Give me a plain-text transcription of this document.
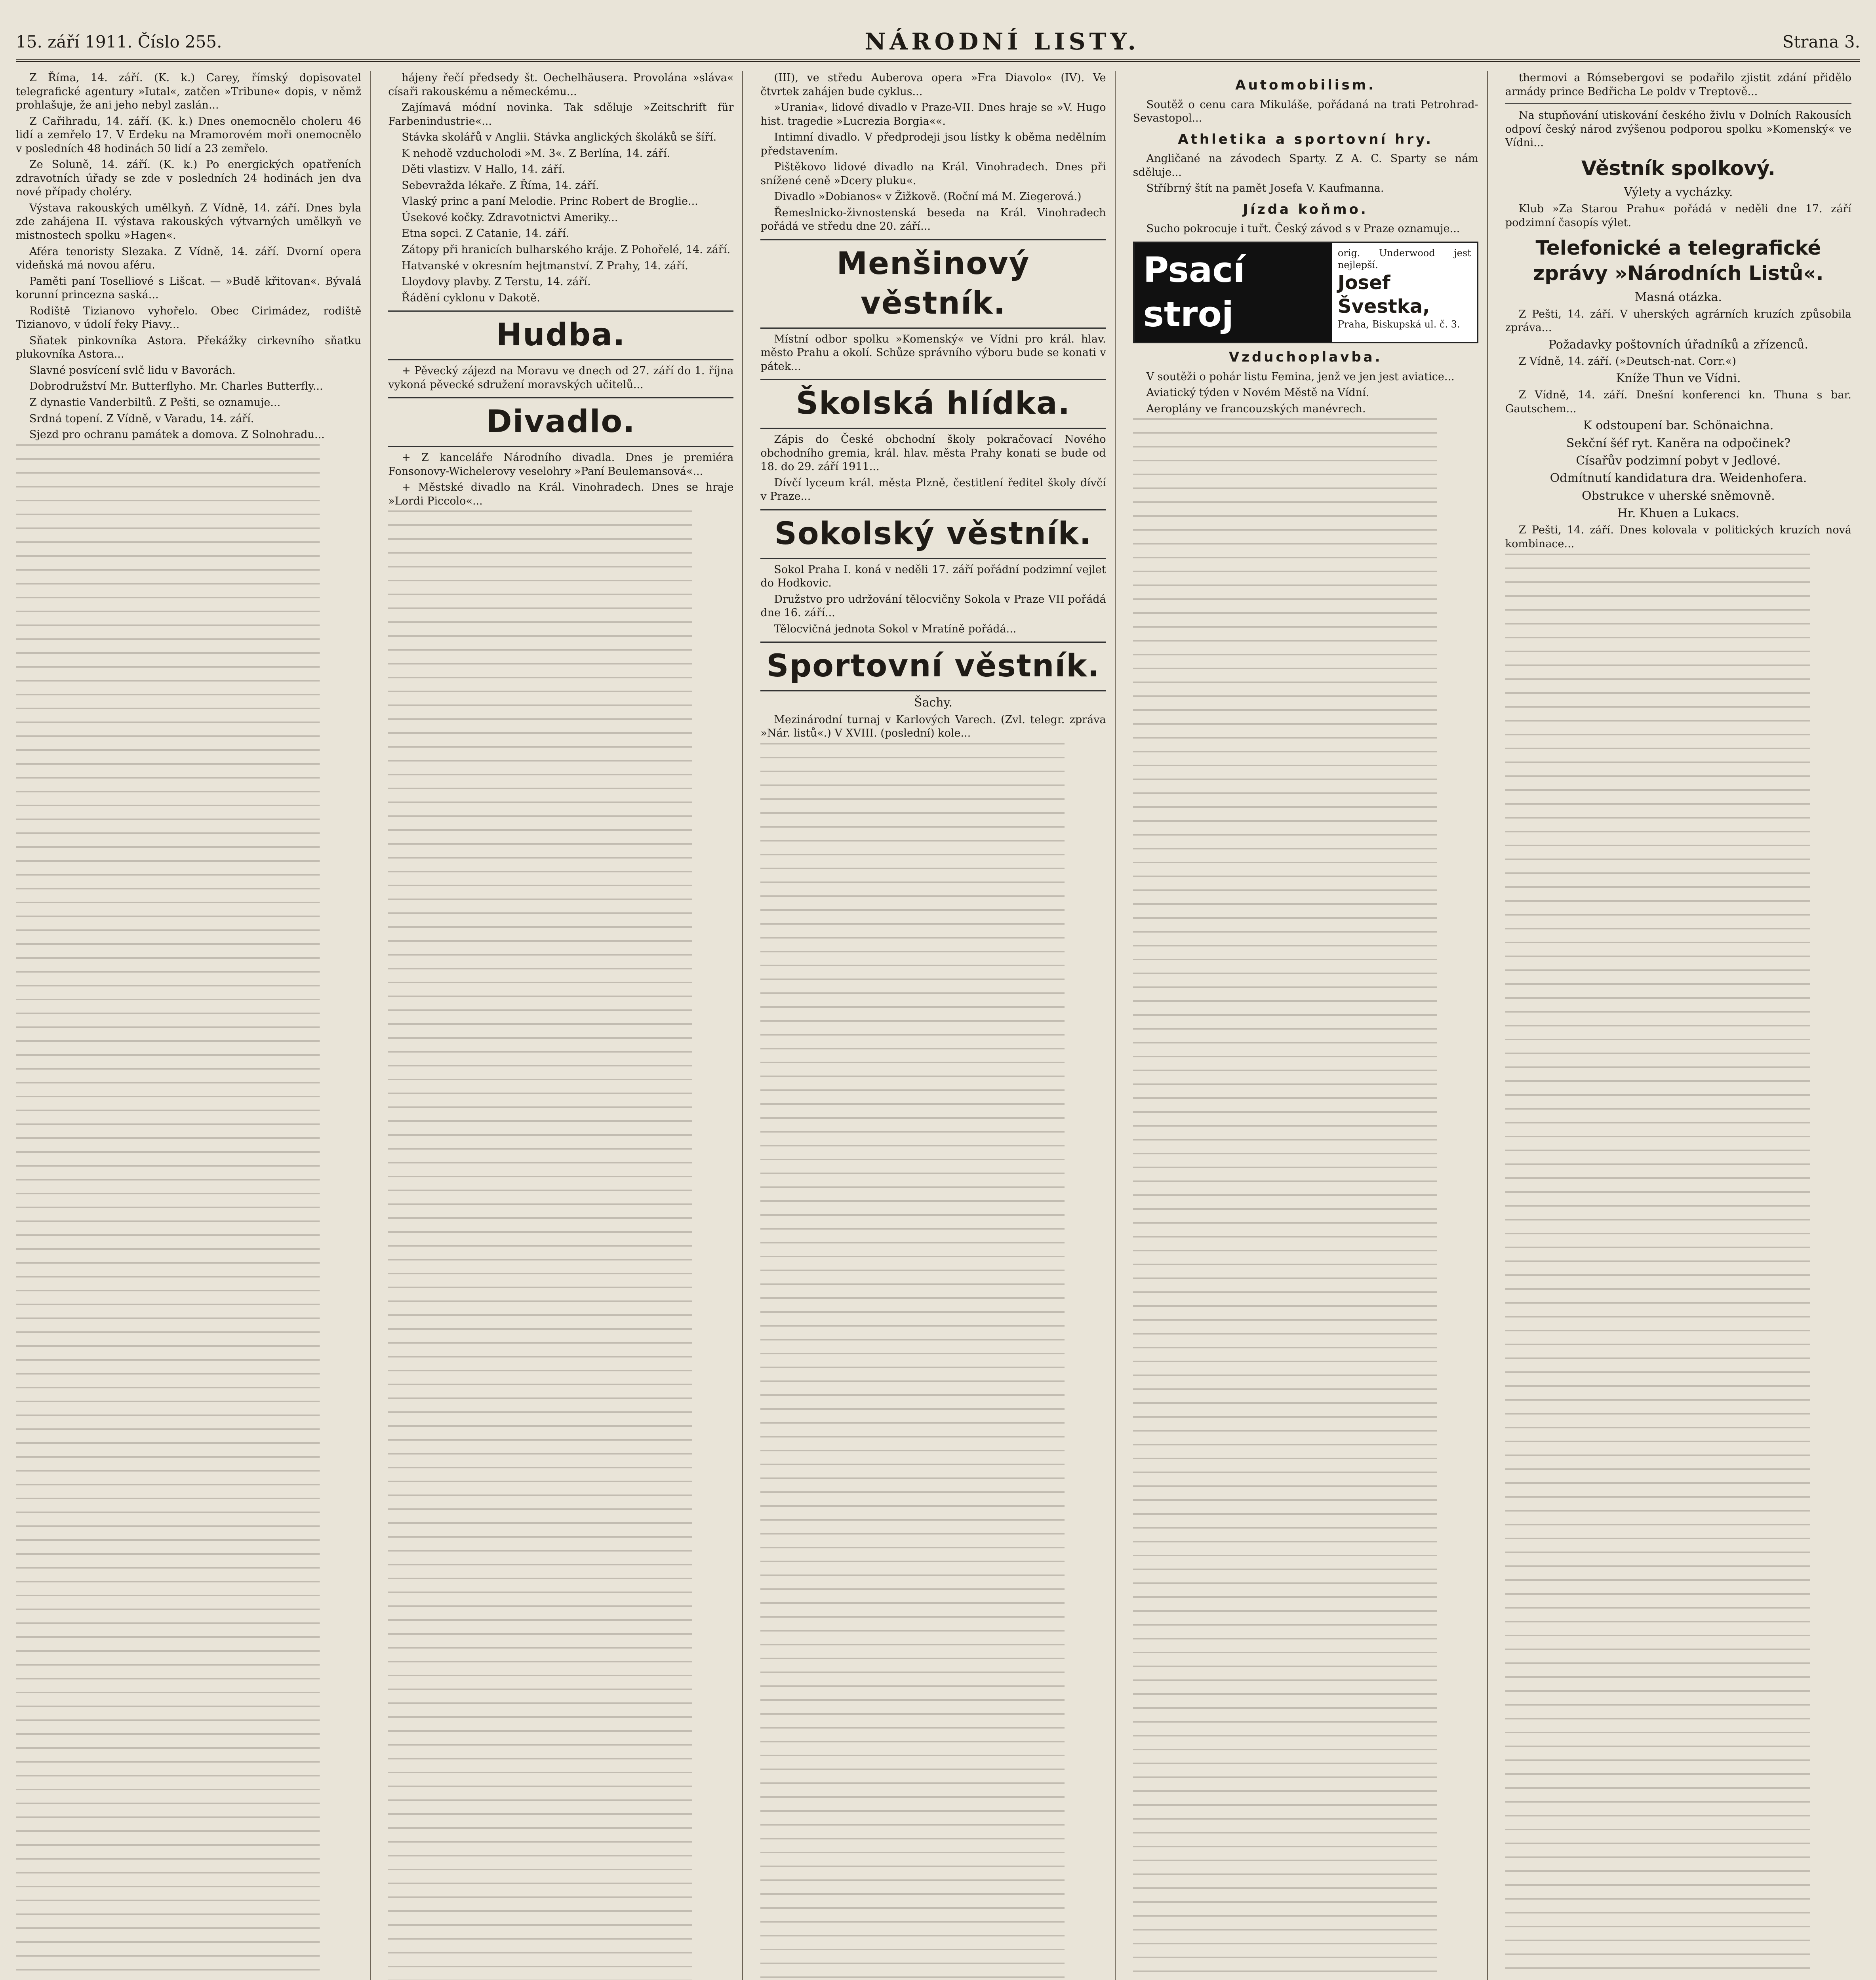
15. září 1911. Číslo 255.	NÁRODNÍ LISTY.	Strana 3.

Z Říma, 14. září. (K. k.) Carey, římský dopisovatel telegrafické agentury »Iutal«, zatčen »Tribune« dopis, v němž prohlašuje, že ani jeho nebyl zaslán...

Z Cařihradu, 14. září. (K. k.) Dnes onemocnělo choleru 46 lidí a zemřelo 17. V Erdeku na Mramorovém moři onemocnělo v posledních 48 hodinách 50 lidí a 23 zemřelo.

Ze Soluně, 14. září. (K. k.) Po energických opatřeních zdravotních úřady se zde v posledních 24 hodinách jen dva nové případy choléry.

Výstava rakouských umělkyň. Z Vídně, 14. září. Dnes byla zde zahájena II. výstava rakouských výtvarných umělkyň ve mistnostech spolku »Hagen«.

Aféra tenoristy Slezaka. Z Vídně, 14. září. Dvorní opera videňská má novou aféru.

Paměti paní Toselliové s Lišcat. — »Budě křitovan«. Bývalá korunní princezna saská...

Rodiště Tizianovo vyhořelo. Obec Cirimádez, rodiště Tizianovo, v údolí řeky Piavy...

Sňatek pinkovníka Astora. Překážky cirkevního sňatku plukovníka Astora...

Slavné posvícení svlč lidu v Bavorách.

Dobrodružství Mr. Butterflyho. Mr. Charles Butterfly...

Z dynastie Vanderbiltů. Z Pešti, se oznamuje...

Srdná topení. Z Vídně, v Varadu, 14. září.

Sjezd pro ochranu památek a domova. Z Solnohradu...

hájeny řečí předsedy št. Oechelhäusera. Provolána »sláva« císaři rakouskému a německému...

Zajímavá módní novinka. Tak sděluje »Zeitschrift für Farbenindustrie«...

Stávka skolářů v Anglii. Stávka anglických školáků se šíří.

K nehodě vzducholodi »M. 3«. Z Berlína, 14. září.

Děti vlastizv. V Hallo, 14. září.

Sebevražda lékaře. Z Říma, 14. září.

Vlaský princ a paní Melodie. Princ Robert de Broglie...

Úsekové kočky. Zdravotnictvi Ameriky...

Etna sopci. Z Catanie, 14. září.

Zátopy při hranicích bulharského kráje. Z Pohořelé, 14. září.

Hatvanské v okresním hejtmanství. Z Prahy, 14. září.

Lloydovy plavby. Z Terstu, 14. září.

Řádění cyklonu v Dakotě.

Hudba.

+ Pěvecký zájezd na Moravu ve dnech od 27. září do 1. října vykoná pěvecké sdružení moravských učitelů...

Divadlo.

+ Z kanceláře Národního divadla. Dnes je premiéra Fonsonovy-Wichelerovy veselohry »Paní Beulemansová«...

+ Městské divadlo na Král. Vinohradech. Dnes se hraje »Lordi Piccolo«...

(III), ve středu Auberova opera »Fra Diavolo« (IV). Ve čtvrtek zahájen bude cyklus...

»Urania«, lidové divadlo v Praze-VII. Dnes hraje se »V. Hugo hist. tragedie »Lucrezia Borgia««.

Intimní divadlo. V předprodeji jsou lístky k oběma nedělním představením.

Pištěkovo lidové divadlo na Král. Vinohradech. Dnes při snížené ceně »Dcery pluku«.

Divadlo »Dobianos« v Žižkově. (Roční má M. Ziegerová.)

Řemeslnicko-živnostenská beseda na Král. Vinohradech pořádá ve středu dne 20. září...

Menšinový věstník.

Místní odbor spolku »Komenský« ve Vídni pro král. hlav. město Prahu a okolí. Schůze správního výboru bude se konati v pátek...

Školská hlídka.

Zápis do České obchodní školy pokračovací Nového obchodního gremia, král. hlav. města Prahy konati se bude od 18. do 29. září 1911...

Dívčí lyceum král. města Plzně, čestitlení ředitel školy dívčí v Praze...

Sokolský věstník.

Sokol Praha I. koná v neděli 17. září pořádní podzimní vejlet do Hodkovic.

Družstvo pro udržování tělocvičny Sokola v Praze VII pořádá dne 16. září...

Tělocvičná jednota Sokol v Mratíně pořádá...

Sportovní věstník.
Šachy.

Mezinárodní turnaj v Karlových Varech. (Zvl. telegr. zpráva »Nár. listů«.) V XVIII. (poslední) kole...

Automobilism.

Soutěž o cenu cara Mikuláše, pořádaná na trati Petrohrad-Sevastopol...

Athletika a sportovní hry.

Angličané na závodech Sparty. Z A. C. Sparty se nám sděluje...

Stříbrný štít na pamět Josefa V. Kaufmanna.

Jízda koňmo.

Sucho pokrocuje i tuřt. Český závod s v Praze oznamuje...

Psací stroj
orig. Underwood jest nejlepší.
Josef Švestka,
Praha, Biskupská ul. č. 3.
Vzduchoplavba.

V soutěži o pohár listu Femina, jenž ve jen jest aviatice...

Aviatický týden v Novém Městě na Vídní.

Aeroplány ve francouzských manévrech.

thermovi a Rómsebergovi se podařilo zjistit zdání přidělo armády prince Bedřicha Le poldv v Treptově...

Na stupňování utiskování českého živlu v Dolních Rakousích odpoví český národ zvýšenou podporou spolku »Komenský« ve Vídni...

Věstník spolkový.
Výlety a vycházky.

Klub »Za Starou Prahu« pořádá v neděli dne 17. září podzimní časopís výlet.

Telefonické a telegrafické zprávy »Národních Listů«.
Masná otázka.

Z Pešti, 14. září. V uherských agrárních kruzích způsobila zpráva...

Požadavky poštovních úřadníků a zřízenců.

Z Vídně, 14. září. (»Deutsch-nat. Corr.«)

Kníže Thun ve Vídni.

Z Vídně, 14. září. Dnešní konferenci kn. Thuna s bar. Gautschem...

K odstoupení bar. Schönaichna.
Sekční šéf ryt. Kaněra na odpočinek?
Císařův podzimní pobyt v Jedlové.
Odmítnutí kandidatura dra. Weidenhofera.
Obstrukce v uherské sněmovně.
Hr. Khuen a Lukacs.

Z Pešti, 14. září. Dnes kolovala v politických kruzích nová kombinace...
